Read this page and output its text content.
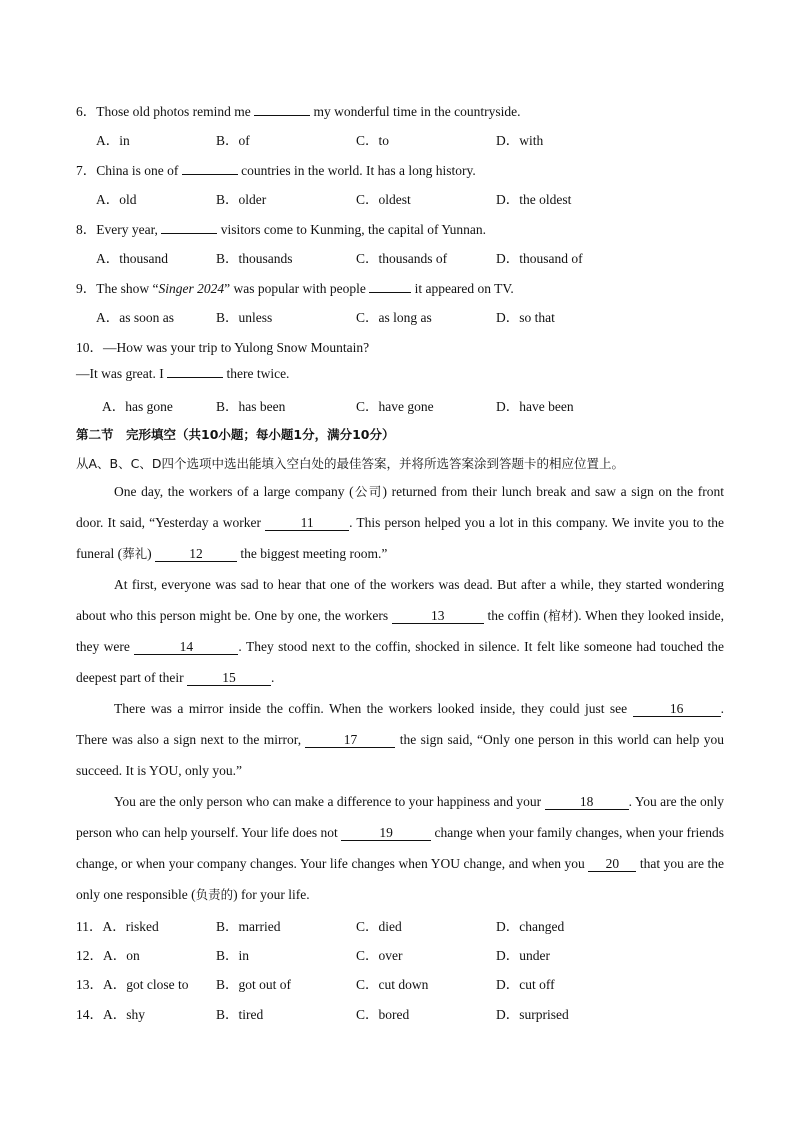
6．Those old photos remind me	my wonderful time in the countryside.
A．in	B．of	C．to	D．with
7．China is one of	countries in the world. It has a long history.
A．old	B．older	C．oldest	D．the oldest
8．Every year,	visitors come to Kunming, the capital of Yunnan.
A．thousand	B．thousands	C．thousands of	D．thousand of
9．The show “Singer 2024” was popular with people	it appeared on TV.
A．as soon as	B．unless	C．as long as	D．so that
10．—How was your trip to Yulong Snow Mountain?
—It was great. I	there twice.
A．has gone	B．has been	C．have gone	D．have been
第二节　完形填空（共10小题；每小题1分，满分10分）
从A、B、C、D四个选项中选出能填入空白处的最佳答案，并将所选答案涂到答题卡的相应位置上。
One day, the workers of a large company (公司) returned from their lunch break and saw a sign on the front door. It said, “Yesterday a worker	11	. This person helped you a lot in this company. We invite you to the funeral (葬礼)	12	the biggest meeting room.”
At first, everyone was sad to hear that one of the workers was dead. But after a while, they started wondering about who this person might be. One by one, the workers	13	the coffin (棺材). When they looked inside, they were	14	. They stood next to the coffin, shocked in silence. It felt like someone had touched the deepest part of their	15	.
There was a mirror inside the coffin. When the workers looked inside, they could just see	16	. There was also a sign next to the mirror,	17	the sign said, “Only one person in this world can help you succeed. It is YOU, only you.”
You are the only person who can make a difference to your happiness and your	18	. You are the only person who can help yourself. Your life does not	19	change when your family changes, when your friends change, or when your company changes. Your life changes when YOU change, and when you 20 that you are the only one responsible (负责的) for your life.
11．A．risked	B．married	C．died	D．changed
12．A．on	B．in	C．over	D．under
13．A．got close to B．got out of	C．cut down	D．cut off
14．A．shy	B．tired	C．bored	D．surprised
